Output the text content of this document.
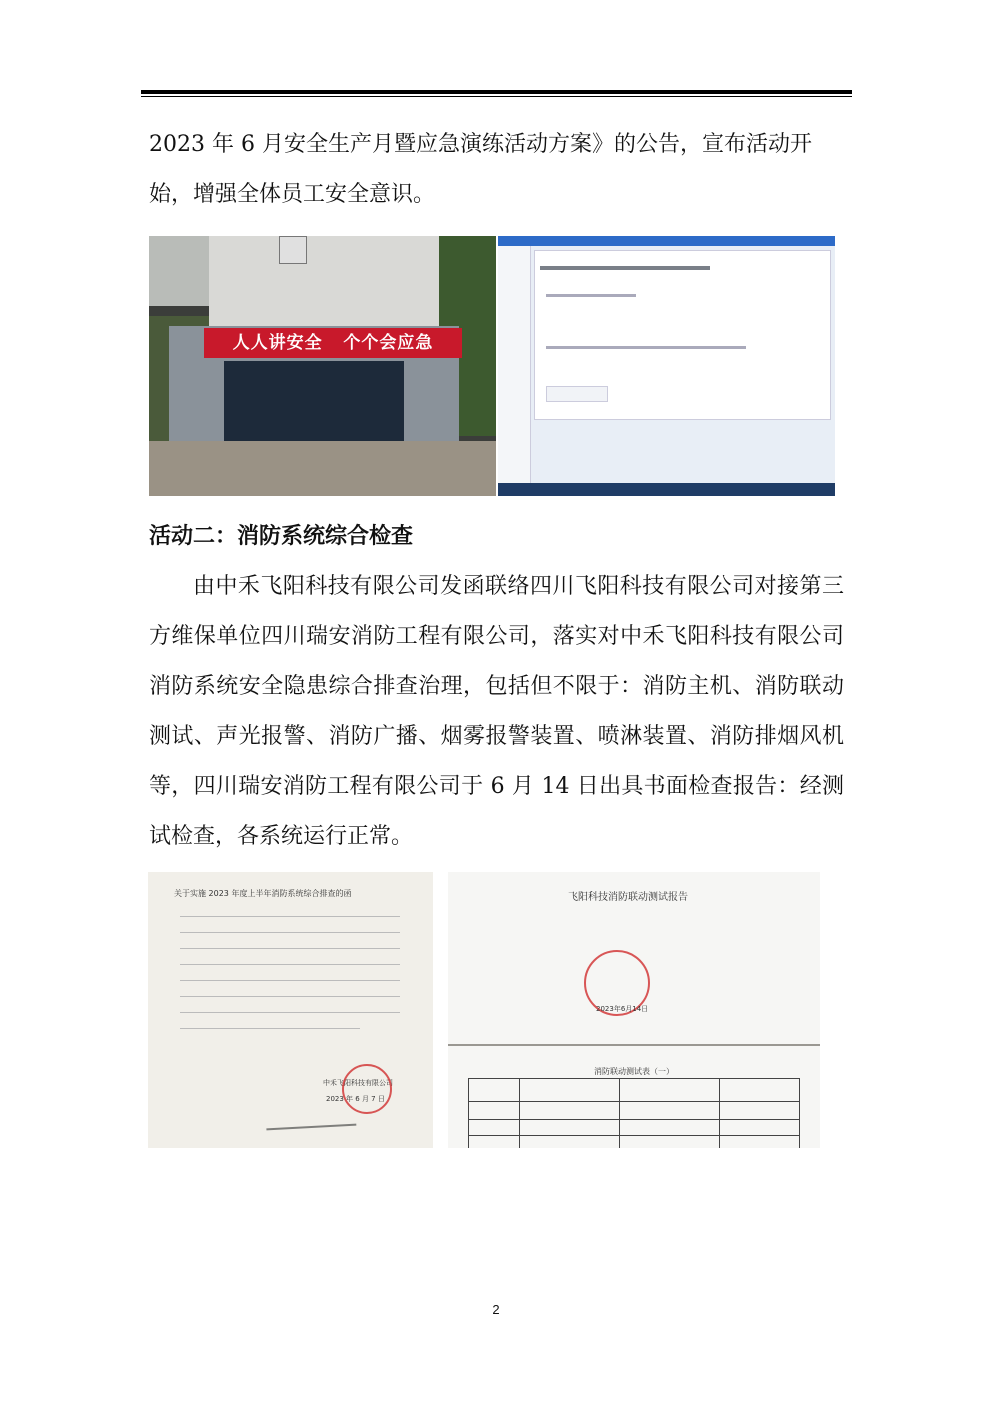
2023 年 6 月安全生产月暨应急演练活动方案》的公告，宣布活动开始，增强全体员工安全意识。

人人讲安全   个个会应急
活动二：消防系统综合检查

由中禾飞阳科技有限公司发函联络四川飞阳科技有限公司对接第三方维保单位四川瑞安消防工程有限公司，落实对中禾飞阳科技有限公司消防系统安全隐患综合排查治理，包括但不限于：消防主机、消防联动测试、声光报警、消防广播、烟雾报警装置、喷淋装置、消防排烟风机等，四川瑞安消防工程有限公司于 6 月 14 日出具书面检查报告：经测试检查，各系统运行正常。

关于实施 2023 年度上半年消防系统综合排查的函
中禾飞阳科技有限公司
2023 年 6 月 7 日
飞阳科技消防联动测试报告
2023年6月14日
消防联动测试表（一）
2
